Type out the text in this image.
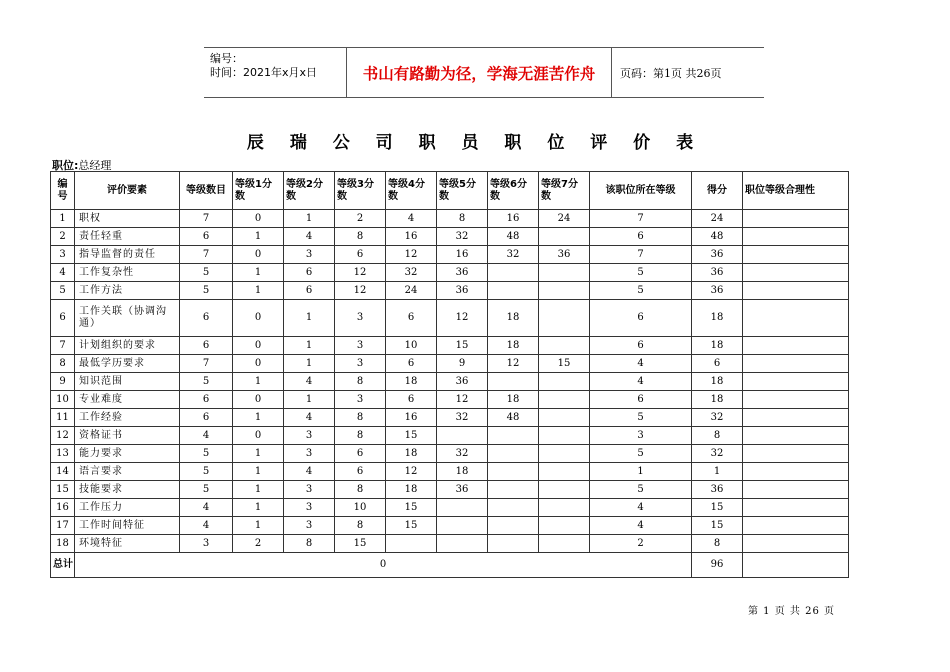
编号：
时间：2021年x月x日	书山有路勤为径，学海无涯苦作舟	页码：第1页 共26页
辰 瑞 公 司 职 员 职 位 评 价 表
职位:总经理
编号	评价要素	等级数目	等级1分数	等级2分数	等级3分数	等级4分数	等级5分数	等级6分数	等级7分数	该职位所在等级	得分	职位等级合理性
1	职权	7	0	1	2	4	8	16	24	7	24	
2	责任轻重	6	1	4	8	16	32	48		6	48	
3	指导监督的责任	7	0	3	6	12	16	32	36	7	36	
4	工作复杂性	5	1	6	12	32	36			5	36	
5	工作方法	5	1	6	12	24	36			5	36	
6	工作关联（协调沟通）	6	0	1	3	6	12	18		6	18	
7	计划组织的要求	6	0	1	3	10	15	18		6	18	
8	最低学历要求	7	0	1	3	6	9	12	15	4	6	
9	知识范围	5	1	4	8	18	36			4	18	
10	专业难度	6	0	1	3	6	12	18		6	18	
11	工作经验	6	1	4	8	16	32	48		5	32	
12	资格证书	4	0	3	8	15				3	8	
13	能力要求	5	1	3	6	18	32			5	32	
14	语言要求	5	1	4	6	12	18			1	1	
15	技能要求	5	1	3	8	18	36			5	36	
16	工作压力	4	1	3	10	15				4	15	
17	工作时间特征	4	1	3	8	15				4	15	
18	环境特征	3	2	8	15					2	8	
总计	0										96	
第 1 页 共 26 页
